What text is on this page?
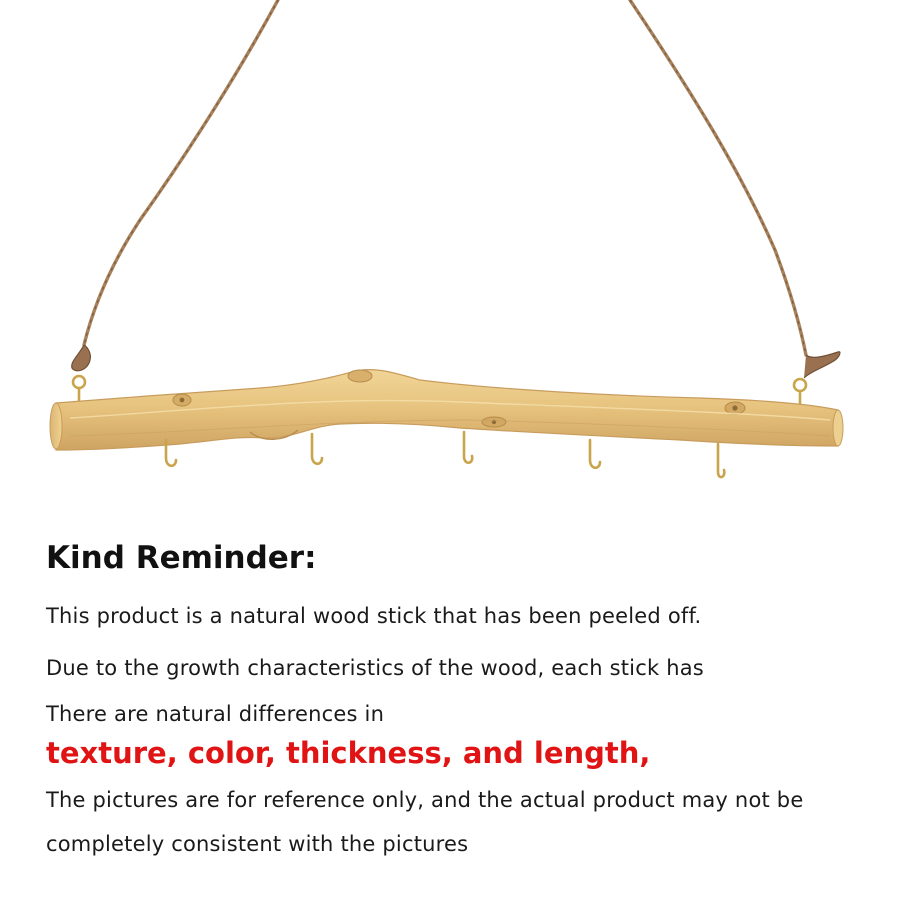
Kind Reminder:
This product is a natural wood stick that has been peeled off.
Due to the growth characteristics of the wood, each stick has
There are natural differences in
texture, color, thickness, and length,
The pictures are for reference only, and the actual product may not be
completely consistent with the pictures
